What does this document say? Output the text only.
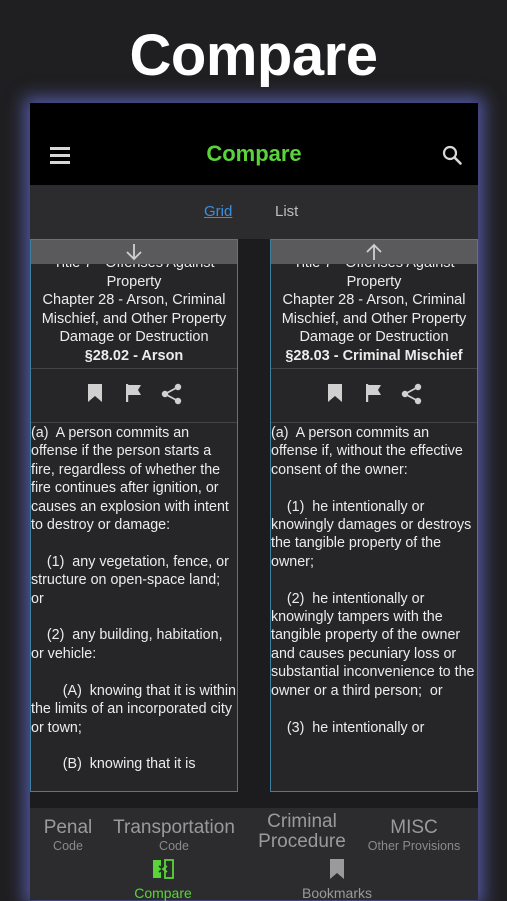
Compare
Compare
Grid	List
Property
Chapter 28 - Arson, Criminal Mischief, and Other Property Damage or Destruction
§28.02 - Arson
(a)  A person commits an offense if the person starts a fire, regardless of whether the fire continues after ignition, or causes an explosion with intent to destroy or damage:

(1)  any vegetation, fence, or structure on open-space land;  or

(2)  any building, habitation, or vehicle:

(A)  knowing that it is within the limits of an incorporated city or town;

(B)  knowing that it is
Property
Chapter 28 - Arson, Criminal Mischief, and Other Property Damage or Destruction
§28.03 - Criminal Mischief
(a)  A person commits an offense if, without the effective consent of the owner:

(1)  he intentionally or knowingly damages or destroys the tangible property of the owner;

(2)  he intentionally or knowingly tampers with the tangible property of the owner and causes pecuniary loss or substantial inconvenience to the owner or a third person;  or

(3)  he intentionally or
Penal
Code
Transportation
Code
Criminal
Procedure
MISC
Other Provisions
Compare	Bookmarks
